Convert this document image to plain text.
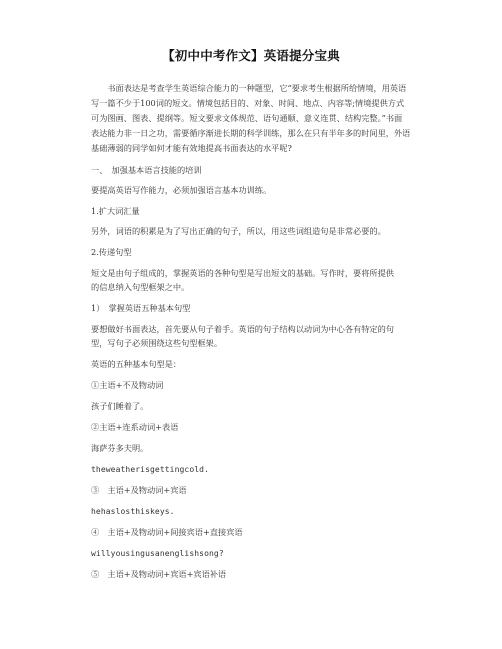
【初中中考作文】英语提分宝典
　　书面表达是考查学生英语综合能力的一种题型，它“要求考生根据所给情境，用英语
写一篇不少于100词的短文。情境包括目的、对象、时间、地点、内容等;情境提供方式
可为图画、图表、提纲等。短文要求文体规范、语句通顺、意义连贯、结构完整。”书面
表达能力非一日之功，需要循序渐进长期的科学训练，那么在只有半年多的时间里，外语
基础薄弱的同学如何才能有效地提高书面表达的水平呢?
一、　加强基本语言技能的培训
要提高英语写作能力，必须加强语言基本功训练。
1.扩大词汇量
另外，词语的积累是为了写出正确的句子，所以，用这些词组造句是非常必要的。
2.传递句型
短文是由句子组成的，掌握英语的各种句型是写出短文的基础。写作时，要将所提供
的信息纳入句型框架之中。
1）　掌握英语五种基本句型
要想做好书面表达，首先要从句子着手。英语的句子结构以动词为中心各有特定的句
型，写句子必须围绕这些句型框架。
英语的五种基本句型是：
①主语+不及物动词
孩子们睡着了。
②主语+连系动词+表语
海萨芬多夫明。
theweatherisgettingcold.
③　主语+及物动词+宾语
hehaslosthiskeys.
④　主语+及物动词+间接宾语+直接宾语
willyousingusanenglishsong?
⑤　主语+及物动词+宾语+宾语补语
